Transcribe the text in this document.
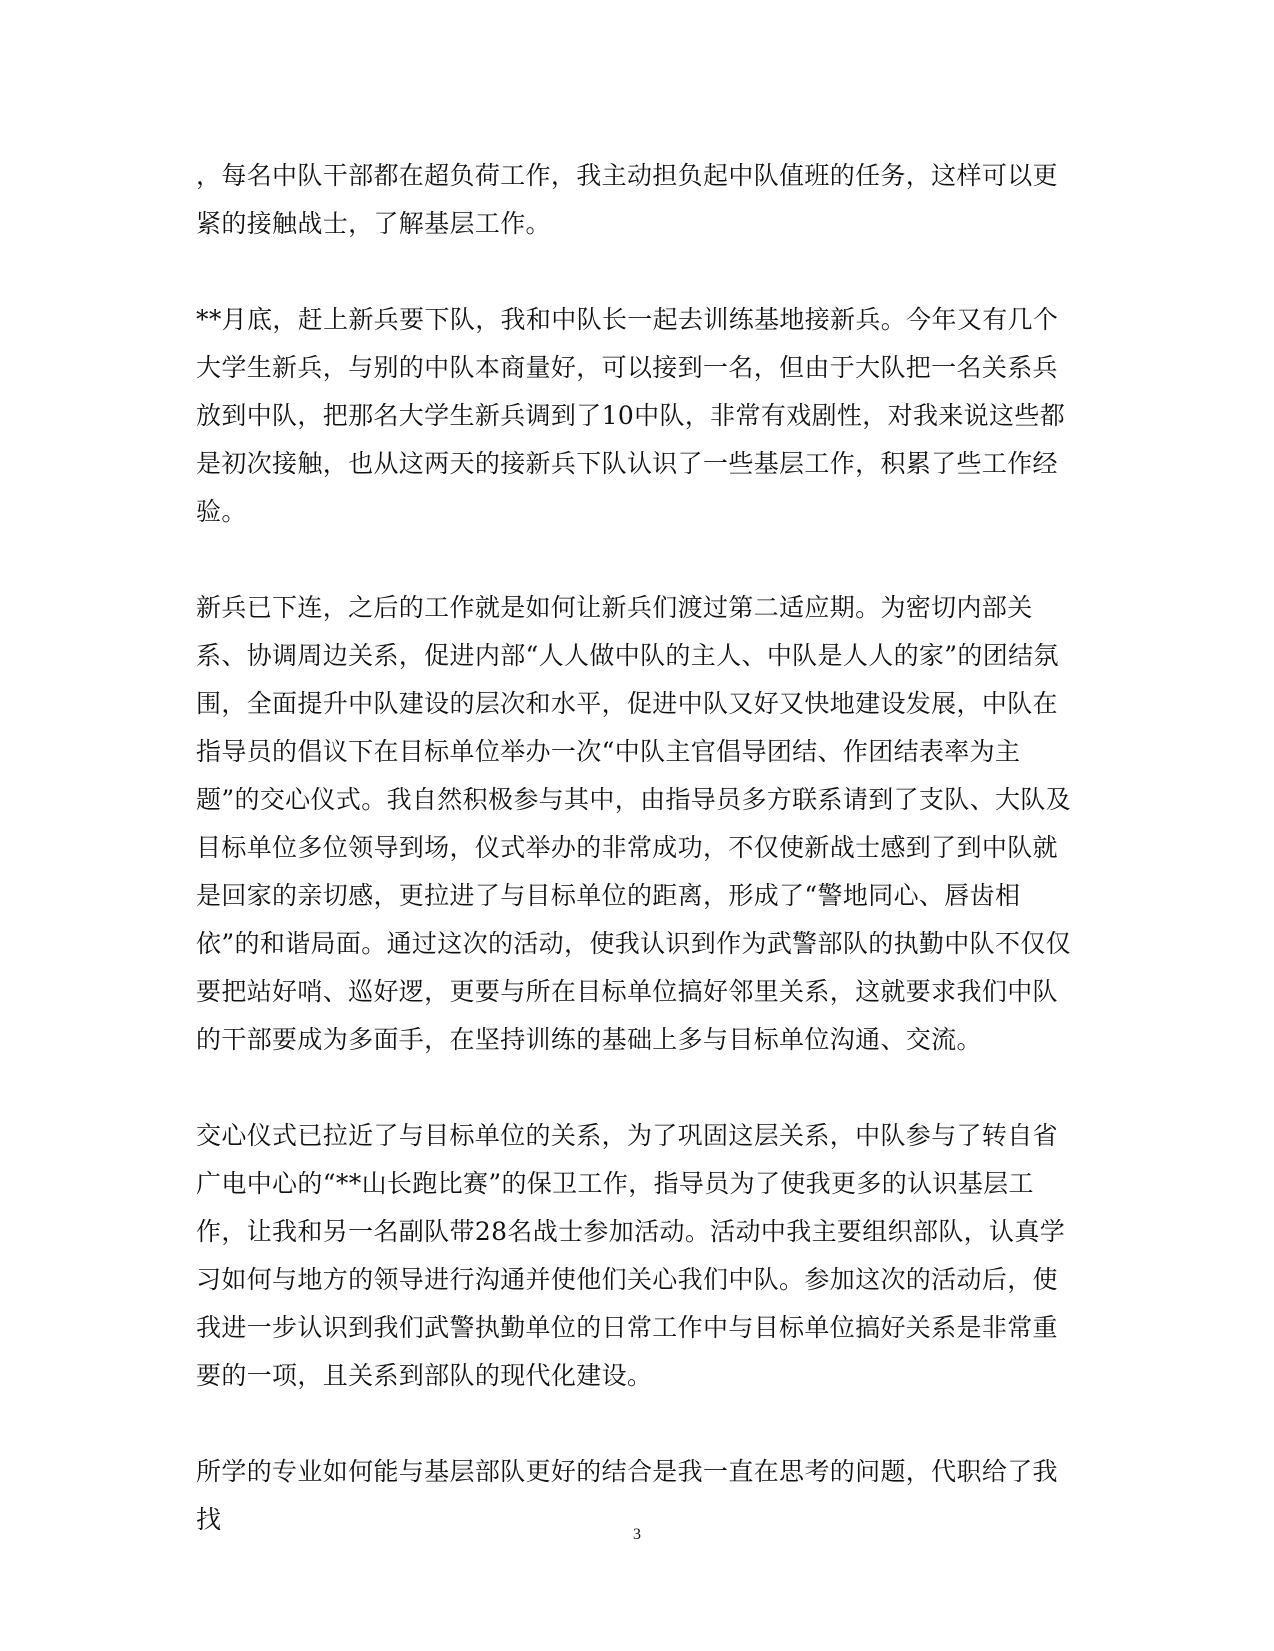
，每名中队干部都在超负荷工作，我主动担负起中队值班的任务，这样可以更紧的接触战士，了解基层工作。

**月底，赶上新兵要下队，我和中队长一起去训练基地接新兵。今年又有几个大学生新兵，与别的中队本商量好，可以接到一名，但由于大队把一名关系兵放到中队，把那名大学生新兵调到了10中队，非常有戏剧性，对我来说这些都是初次接触，也从这两天的接新兵下队认识了一些基层工作，积累了些工作经验。

新兵已下连，之后的工作就是如何让新兵们渡过第二适应期。为密切内部关系、协调周边关系，促进内部“人人做中队的主人、中队是人人的家”的团结氛围，全面提升中队建设的层次和水平，促进中队又好又快地建设发展，中队在指导员的倡议下在目标单位举办一次“中队主官倡导团结、作团结表率为主题”的交心仪式。我自然积极参与其中，由指导员多方联系请到了支队、大队及目标单位多位领导到场，仪式举办的非常成功，不仅使新战士感到了到中队就是回家的亲切感，更拉进了与目标单位的距离，形成了“警地同心、唇齿相依”的和谐局面。通过这次的活动，使我认识到作为武警部队的执勤中队不仅仅要把站好哨、巡好逻，更要与所在目标单位搞好邻里关系，这就要求我们中队的干部要成为多面手，在坚持训练的基础上多与目标单位沟通、交流。

交心仪式已拉近了与目标单位的关系，为了巩固这层关系，中队参与了转自省广电中心的“**山长跑比赛”的保卫工作，指导员为了使我更多的认识基层工作，让我和另一名副队带28名战士参加活动。活动中我主要组织部队，认真学习如何与地方的领导进行沟通并使他们关心我们中队。参加这次的活动后，使我进一步认识到我们武警执勤单位的日常工作中与目标单位搞好关系是非常重要的一项，且关系到部队的现代化建设。

所学的专业如何能与基层部队更好的结合是我一直在思考的问题，代职给了我找

3
